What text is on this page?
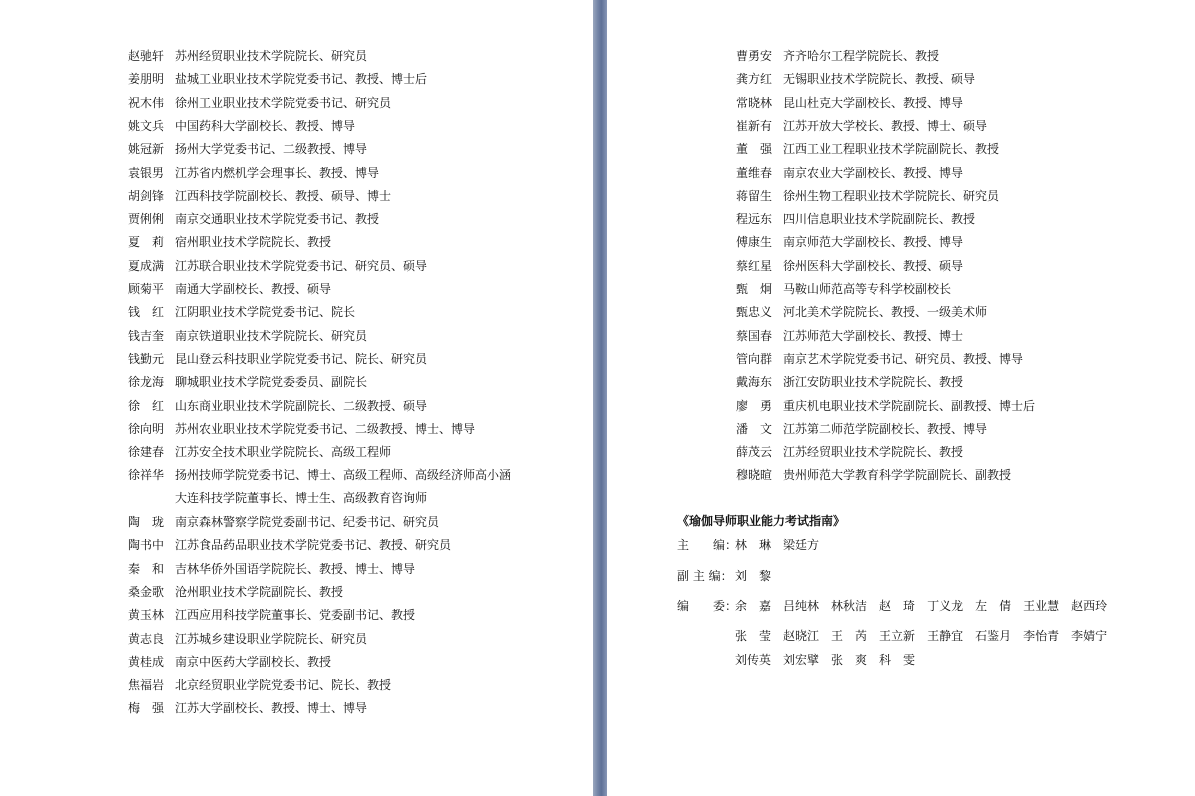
赵驰轩 苏州经贸职业技术学院院长、研究员
姜朋明 盐城工业职业技术学院党委书记、教授、博士后
祝木伟 徐州工业职业技术学院党委书记、研究员
姚文兵 中国药科大学副校长、教授、博导
姚冠新 扬州大学党委书记、二级教授、博导
袁银男 江苏省内燃机学会理事长、教授、博导
胡剑锋 江西科技学院副校长、教授、硕导、博士
贾俐俐 南京交通职业技术学院党委书记、教授
夏　莉 宿州职业技术学院院长、教授
夏成满 江苏联合职业技术学院党委书记、研究员、硕导
顾菊平 南通大学副校长、教授、硕导
钱　红 江阴职业技术学院党委书记、院长
钱吉奎 南京铁道职业技术学院院长、研究员
钱勤元 昆山登云科技职业学院党委书记、院长、研究员
徐龙海 聊城职业技术学院党委委员、副院长
徐　红 山东商业职业技术学院副院长、二级教授、硕导
徐向明 苏州农业职业技术学院党委书记、二级教授、博士、博导
徐建春 江苏安全技术职业学院院长、高级工程师
徐祥华 扬州技师学院党委书记、博士、高级工程师、高级经济师高小涵
大连科技学院董事长、博士生、高级教育咨询师
陶　珑 南京森林警察学院党委副书记、纪委书记、研究员
陶书中 江苏食品药品职业技术学院党委书记、教授、研究员
秦　和 吉林华侨外国语学院院长、教授、博士、博导
桑金歌 沧州职业技术学院副院长、教授
黄玉林 江西应用科技学院董事长、党委副书记、教授
黄志良 江苏城乡建设职业学院院长、研究员
黄桂成 南京中医药大学副校长、教授
焦福岩 北京经贸职业学院党委书记、院长、教授
梅　强 江苏大学副校长、教授、博士、博导
曹勇安 齐齐哈尔工程学院院长、教授
龚方红 无锡职业技术学院院长、教授、硕导
常晓林 昆山杜克大学副校长、教授、博导
崔新有 江苏开放大学校长、教授、博士、硕导
董　强 江西工业工程职业技术学院副院长、教授
董维春 南京农业大学副校长、教授、博导
蒋留生 徐州生物工程职业技术学院院长、研究员
程远东 四川信息职业技术学院副院长、教授
傅康生 南京师范大学副校长、教授、博导
蔡红星 徐州医科大学副校长、教授、硕导
甄　炯 马鞍山师范高等专科学校副校长
甄忠义 河北美术学院院长、教授、一级美术师
蔡国春 江苏师范大学副校长、教授、博士
管向群 南京艺术学院党委书记、研究员、教授、博导
戴海东 浙江安防职业技术学院院长、教授
廖　勇 重庆机电职业技术学院副院长、副教授、博士后
潘　文 江苏第二师范学院副校长、教授、博导
薛茂云 江苏经贸职业技术学院院长、教授
穆晓暄 贵州师范大学教育科学学院副院长、副教授
《瑜伽导师职业能力考试指南》
主　　编：
林　琳 梁廷方
副 主 编： 刘　黎
编　　委：
余　嘉 吕纯林 林秋洁 赵　琦 丁义龙 左　倩 王业慧 赵西玲
张　莹 赵晓江 王　芮 王立新 王静宜 石鉴月 李怡青 李婧宁
刘传英 刘宏擘 张　爽 科　雯
